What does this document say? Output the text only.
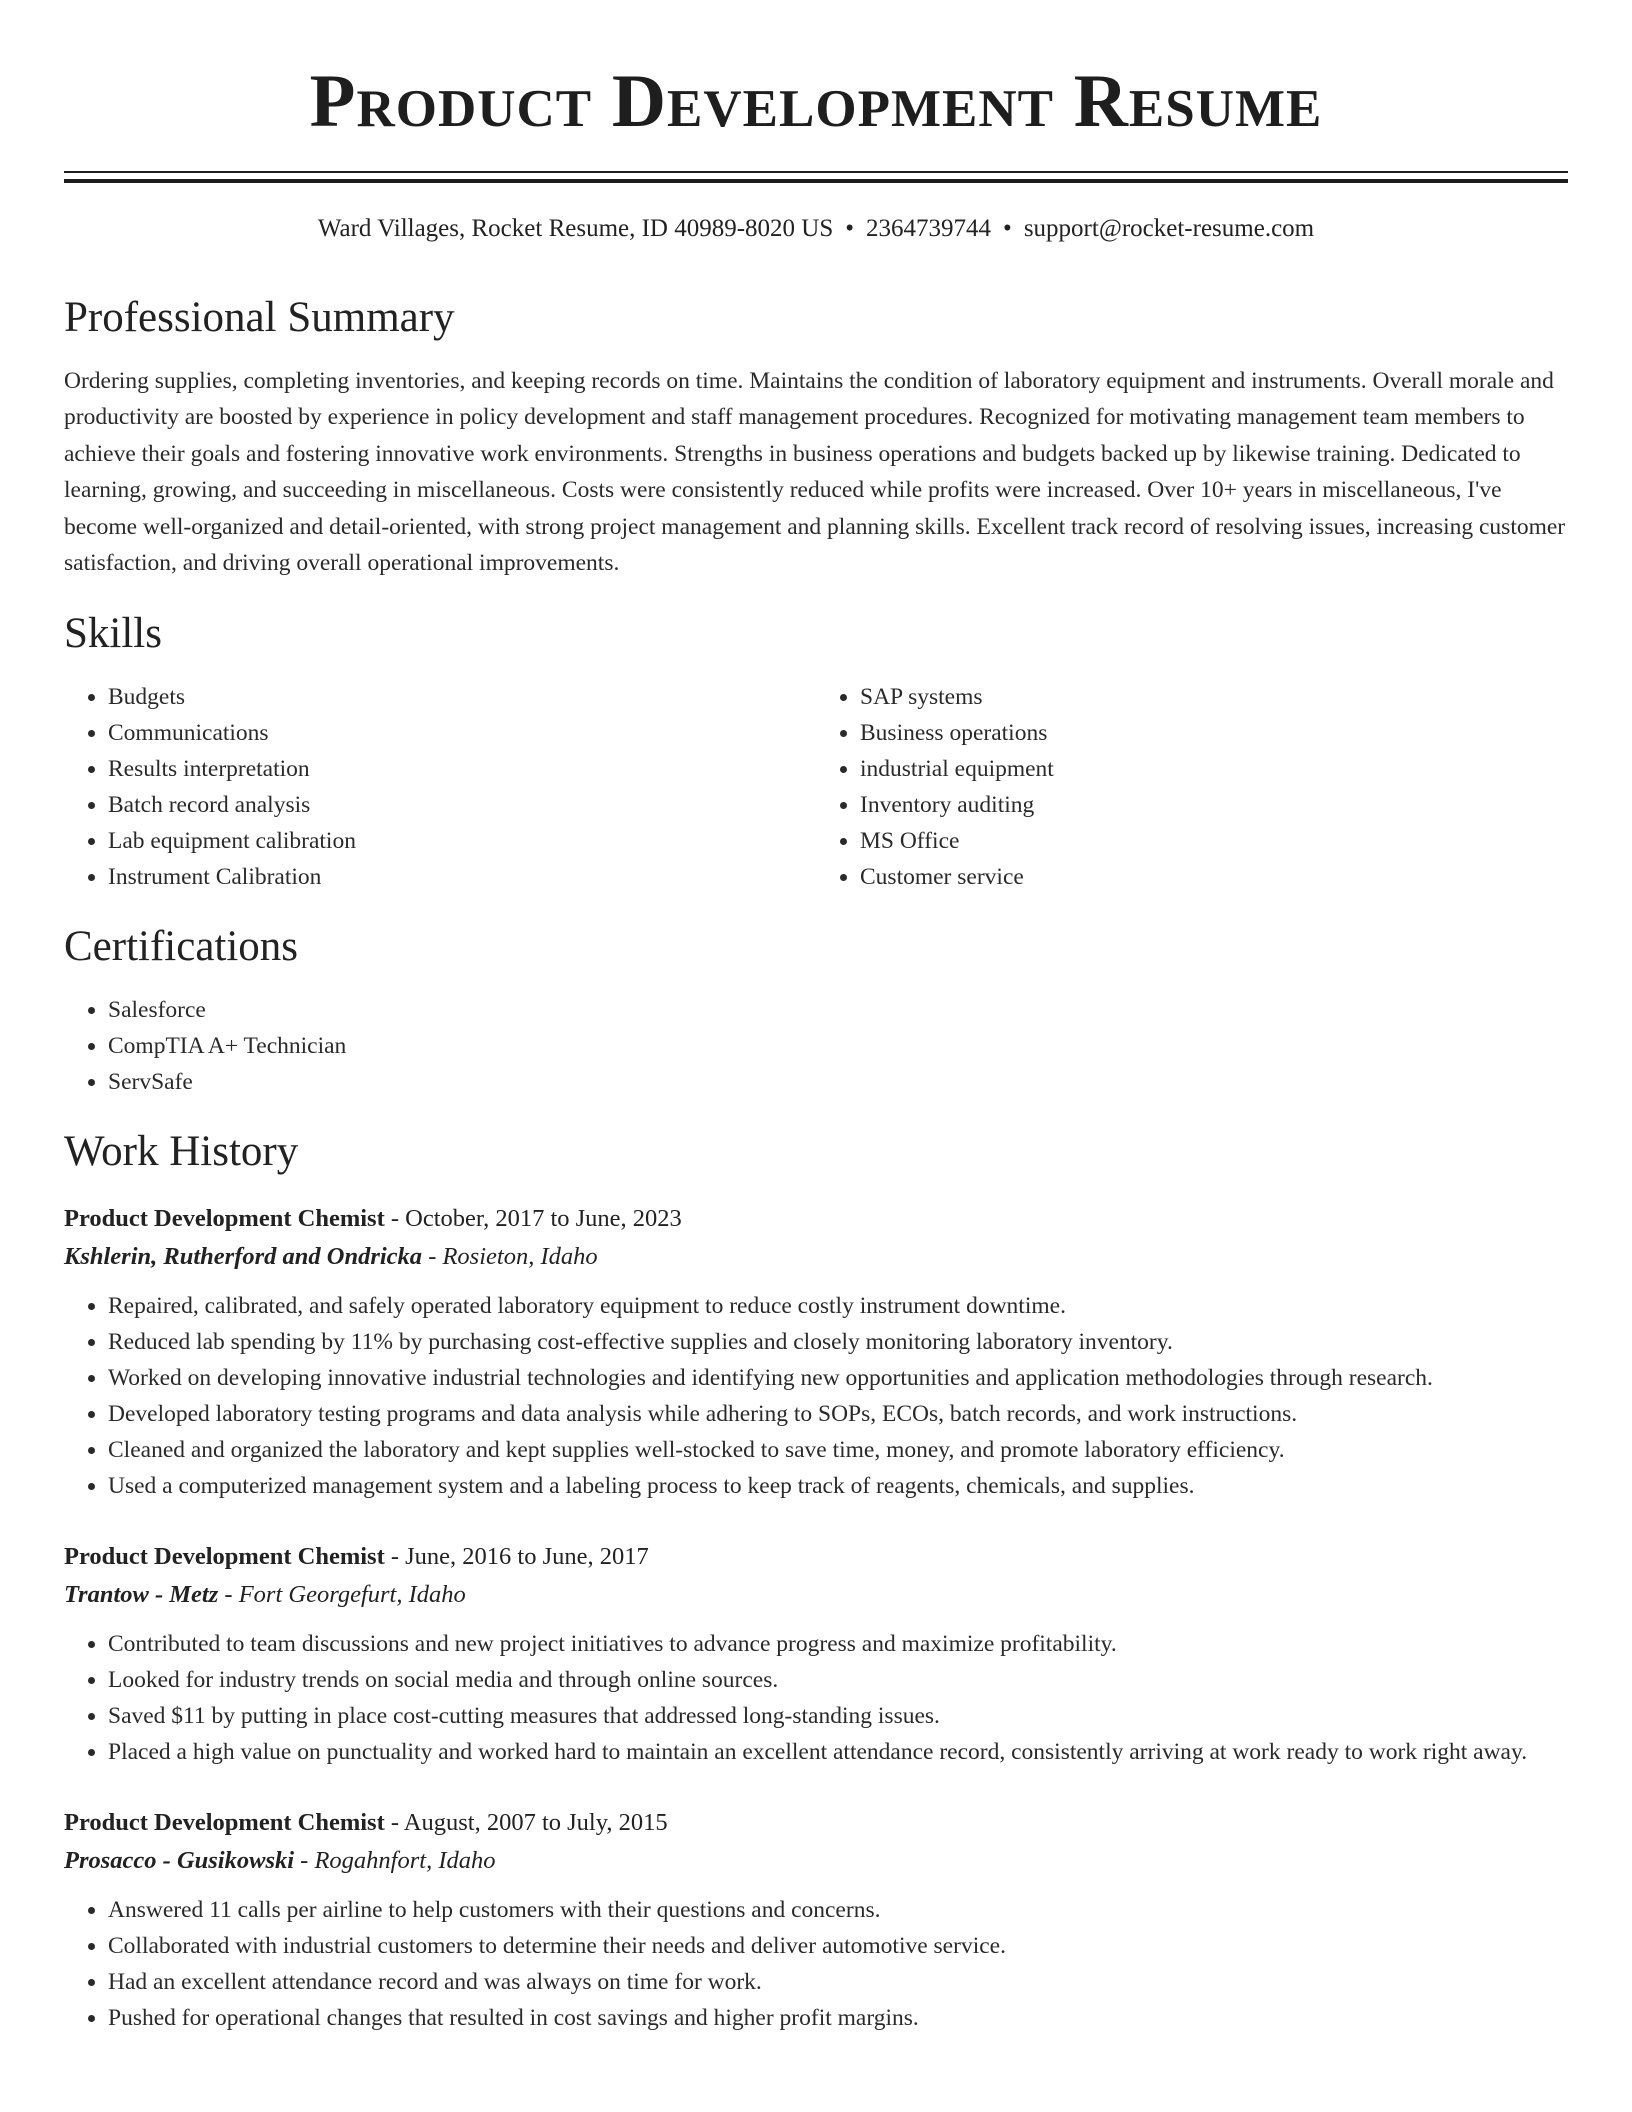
Product Development Resume
Ward Villages, Rocket Resume, ID 40989-8020 US • 2364739744 • support@rocket-resume.com
Professional Summary
Ordering supplies, completing inventories, and keeping records on time. Maintains the condition of laboratory equipment and instruments. Overall morale and productivity are boosted by experience in policy development and staff management procedures. Recognized for motivating management team members to achieve their goals and fostering innovative work environments. Strengths in business operations and budgets backed up by likewise training. Dedicated to learning, growing, and succeeding in miscellaneous. Costs were consistently reduced while profits were increased. Over 10+ years in miscellaneous, I've become well-organized and detail-oriented, with strong project management and planning skills. Excellent track record of resolving issues, increasing customer satisfaction, and driving overall operational improvements.
Skills
• Budgets
• Communications
• Results interpretation
• Batch record analysis
• Lab equipment calibration
• Instrument Calibration
• SAP systems
• Business operations
• industrial equipment
• Inventory auditing
• MS Office
• Customer service
Certifications
• Salesforce
• CompTIA A+ Technician
• ServSafe
Work History
Product Development Chemist - October, 2017 to June, 2023
Kshlerin, Rutherford and Ondricka - Rosieton, Idaho
• Repaired, calibrated, and safely operated laboratory equipment to reduce costly instrument downtime.
• Reduced lab spending by 11% by purchasing cost-effective supplies and closely monitoring laboratory inventory.
• Worked on developing innovative industrial technologies and identifying new opportunities and application methodologies through research.
• Developed laboratory testing programs and data analysis while adhering to SOPs, ECOs, batch records, and work instructions.
• Cleaned and organized the laboratory and kept supplies well-stocked to save time, money, and promote laboratory efficiency.
• Used a computerized management system and a labeling process to keep track of reagents, chemicals, and supplies.
Product Development Chemist - June, 2016 to June, 2017
Trantow - Metz - Fort Georgefurt, Idaho
• Contributed to team discussions and new project initiatives to advance progress and maximize profitability.
• Looked for industry trends on social media and through online sources.
• Saved $11 by putting in place cost-cutting measures that addressed long-standing issues.
• Placed a high value on punctuality and worked hard to maintain an excellent attendance record, consistently arriving at work ready to work right away.
Product Development Chemist - August, 2007 to July, 2015
Prosacco - Gusikowski - Rogahnfort, Idaho
• Answered 11 calls per airline to help customers with their questions and concerns.
• Collaborated with industrial customers to determine their needs and deliver automotive service.
• Had an excellent attendance record and was always on time for work.
• Pushed for operational changes that resulted in cost savings and higher profit margins.
